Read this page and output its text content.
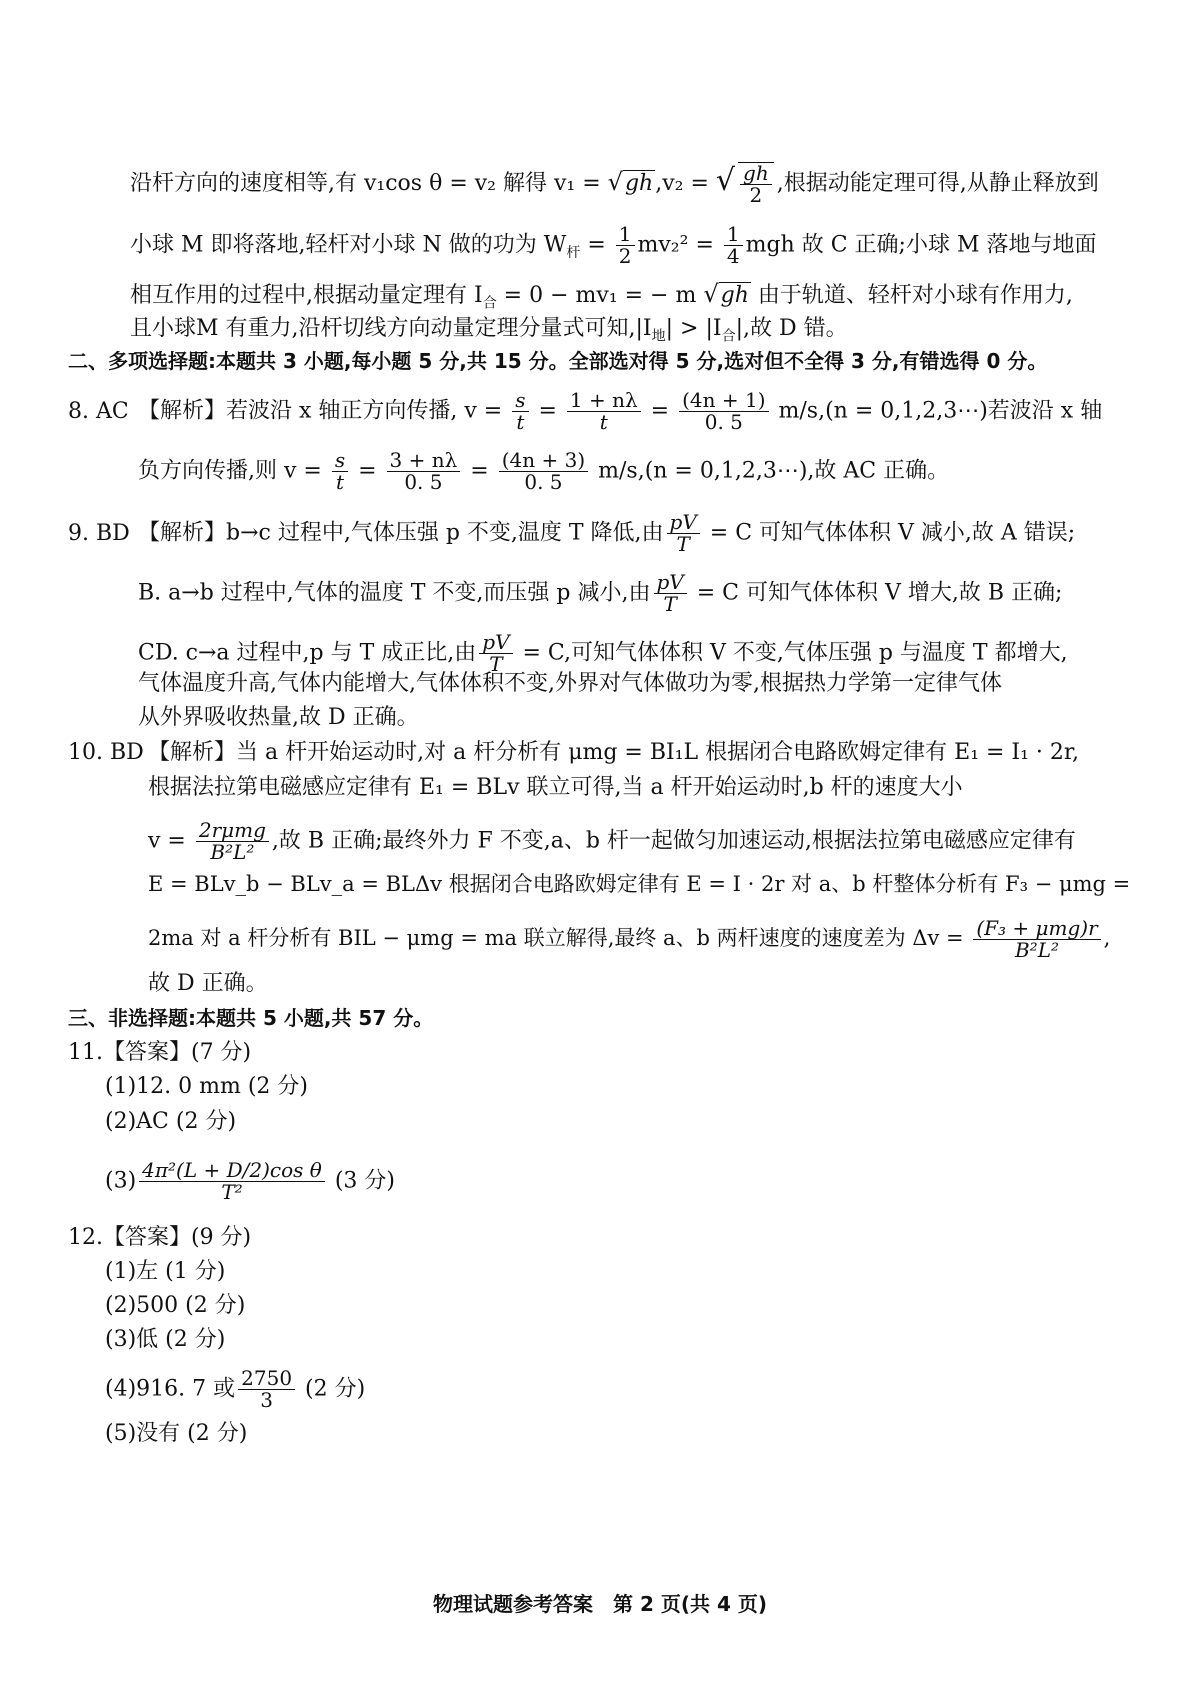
沿杆方向的速度相等,有 v₁cos θ = v₂ 解得 v₁ = √gh,v₂ = √ $\frac{gh}{2}$ ,根据动能定理可得,从静止释放到
小球 M 即将落地,轻杆对小球 N 做的功为 $W_杆 = \frac{1}{2} mv_2^2 = \frac{1}{4}$ mgh 故 C 正确;小球 M 落地与地面
相互作用的过程中,根据动量定理有 $I_合 = 0 - mv_1$ = − m √gh 由于轨道、轻杆对小球有作用力,
且小球M 有重力,沿杆切线方向动量定理分量式可知$,|I_地| > |I_合|$,故 D 错。
二、多项选择题:本题共 3 小题,每小题 5 分,共 15 分。全部选对得 5 分,选对但不全得 3 分,有错选得 0 分。
8. AC 【解析】若波沿 x 轴正方向传播, $v = \frac{s}{t} = \frac{1 + n\lambda}{t} = \frac{(4n + 1)}{0. 5} m/s,(n$ = 0,1,2,3⋯)若波沿 x 轴
负方向传播,则 $v = \frac{s}{t} = \frac{3 + n\lambda}{0. 5} = \frac{(4n + 3)}{0. 5} m/s,(n$ = 0,1,2,3⋯),故 AC 正确。
9. BD 【解析】b→c 过程中,气体压强 p 不变,温度 T 降低,由 $\frac{pV}{T} = C$ 可知气体体积 V 减小,故 A 错误;
B. a→b 过程中,气体的温度 T 不变,而压强 p 减小,由 $\frac{pV}{T} = C$ 可知气体体积 V 增大,故 B 正确;
CD. c→a 过程中,p 与 T 成正比,由 $\frac{pV}{T} = C$,可知气体体积 V 不变,气体压强 p 与温度 T 都增大,
气体温度升高,气体内能增大,气体体积不变,外界对气体做功为零,根据热力学第一定律气体
从外界吸收热量,故 D 正确。
10. BD 【解析】当 a 杆开始运动时,对 a 杆分析有 μmg = BI₁L 根据闭合电路欧姆定律有 E₁ = I₁ · 2r,
根据法拉第电磁感应定律有 E₁ = BLv 联立可得,当 a 杆开始运动时,b 杆的速度大小
$v = \frac{\text{2rμmg}}{\text{B²L²}}$ ,故 B 正确;最终外力 F 不变,a、b 杆一起做匀加速运动,根据法拉第电磁感应定律有
E = BLv_b − BLv_a = BLΔv 根据闭合电路欧姆定律有 E = I · 2r 对 a、b 杆整体分析有 F₃ − μmg =
2ma 对 a 杆分析有 BIL − μmg = ma 联立解得,最终 a、b 两杆速度的速度差为 $\Delta v = \frac{\text{(F₃ + μmg)r}}{\text{B²L²}}$ ,
故 D 正确。
三、非选择题:本题共 5 小题,共 57 分。
11.【答案】(7 分)
(1)12. 0 mm (2 分)
(2)AC (2 分)
$(3) \frac{\text{4π²(L + D/2)cos θ}}{\text{T²}} (3$ 分)
12.【答案】(9 分)
(1)左 (1 分)
(2)500 (2 分)
(3)低 (2 分)
(4)916. 7 或 $\frac{2750}{3} (2$ 分)
(5)没有 (2 分)
物理试题参考答案　第 2 页(共 4 页)
